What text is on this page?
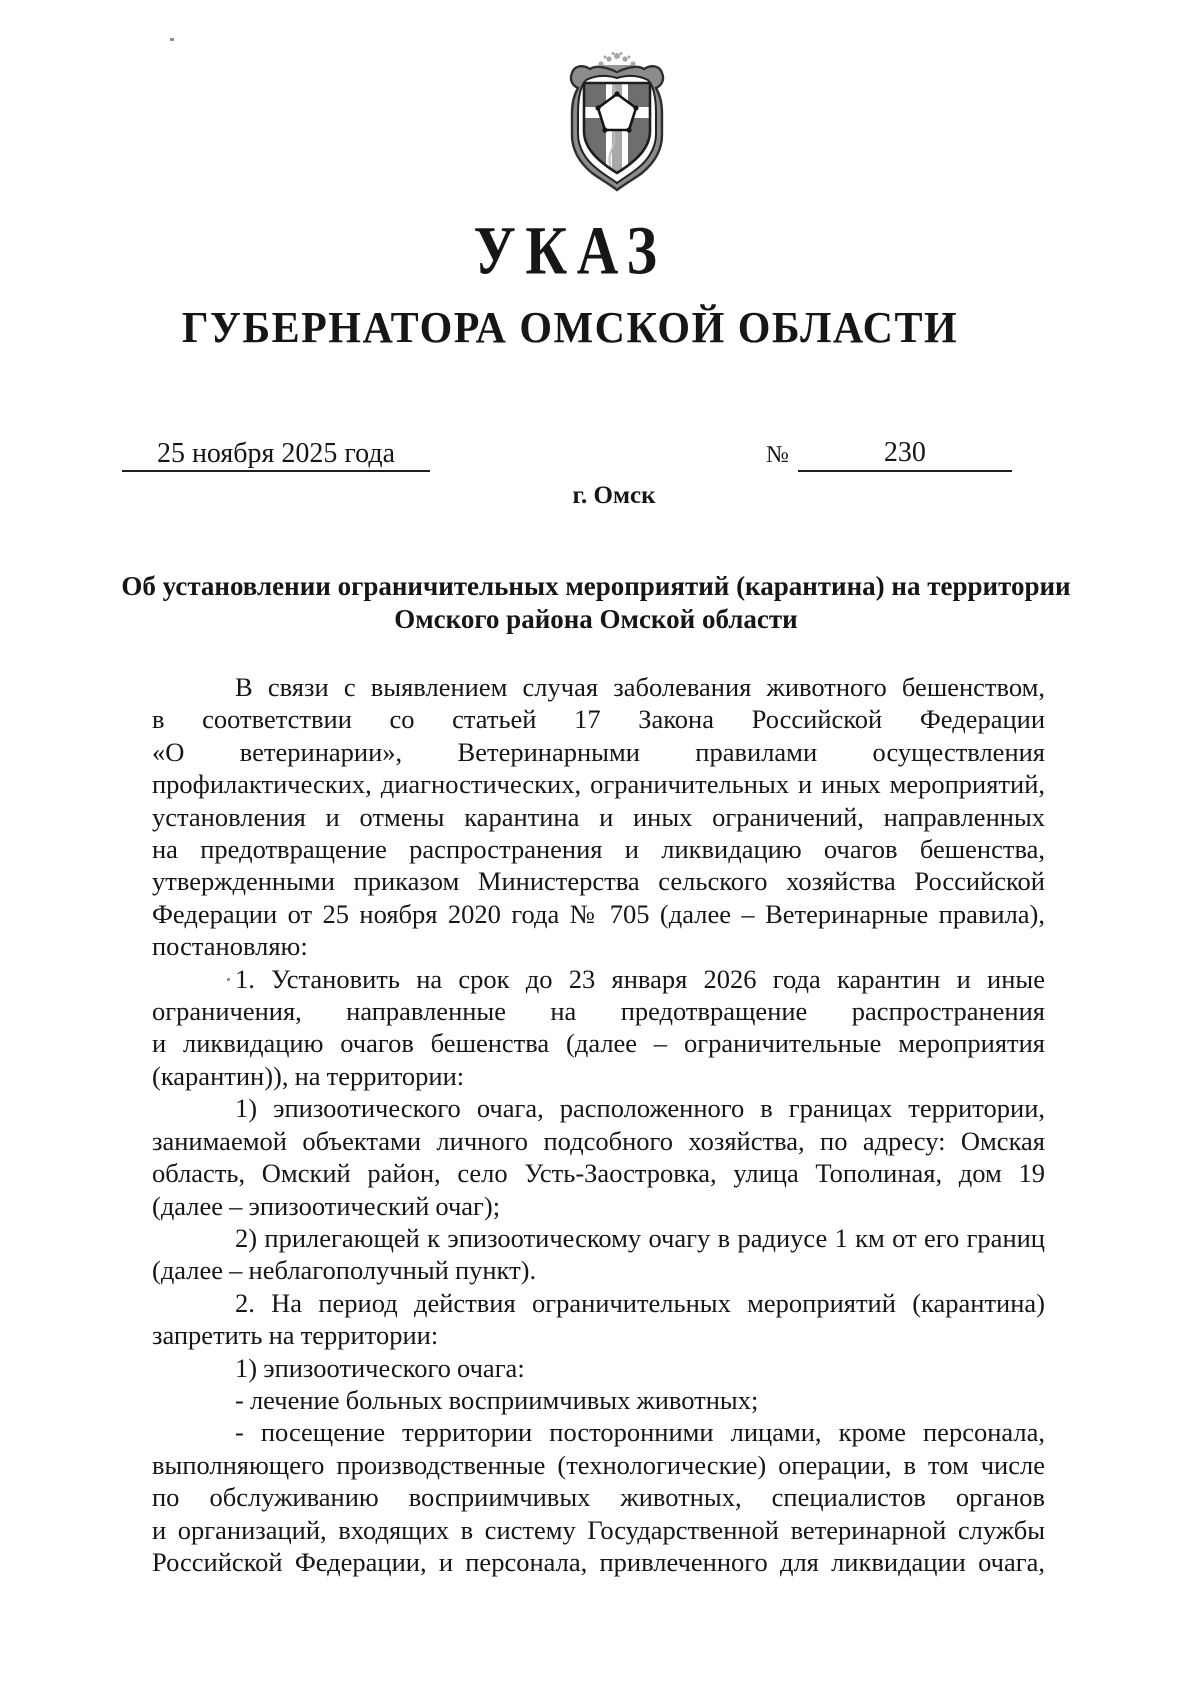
УКАЗ
ГУБЕРНАТОРА ОМСКОЙ ОБЛАСТИ
25 ноября 2025 года	№	230
г. Омск
Об установлении ограничительных мероприятий (карантина) на территории
Омского района Омской области
В связи с выявлением случая заболевания животного бешенством,
в соответствии со статьей 17 Закона Российской Федерации
«О ветеринарии», Ветеринарными правилами осуществления
профилактических, диагностических, ограничительных и иных мероприятий,
установления и отмены карантина и иных ограничений, направленных
на предотвращение распространения и ликвидацию очагов бешенства,
утвержденными приказом Министерства сельского хозяйства Российской
Федерации от 25 ноября 2020 года № 705 (далее – Ветеринарные правила),
постановляю:
1. Установить на срок до 23 января 2026 года карантин и иные
ограничения, направленные на предотвращение распространения
и ликвидацию очагов бешенства (далее – ограничительные мероприятия
(карантин)), на территории:
1) эпизоотического очага, расположенного в границах территории,
занимаемой объектами личного подсобного хозяйства, по адресу: Омская
область, Омский район, село Усть-Заостровка, улица Тополиная, дом 19
(далее – эпизоотический очаг);
2) прилегающей к эпизоотическому очагу в радиусе 1 км от его границ
(далее – неблагополучный пункт).
2. На период действия ограничительных мероприятий (карантина)
запретить на территории:
1) эпизоотического очага:
- лечение больных восприимчивых животных;
- посещение территории посторонними лицами, кроме персонала,
выполняющего производственные (технологические) операции, в том числе
по обслуживанию восприимчивых животных, специалистов органов
и организаций, входящих в систему Государственной ветеринарной службы
Российской Федерации, и персонала, привлеченного для ликвидации очага,
